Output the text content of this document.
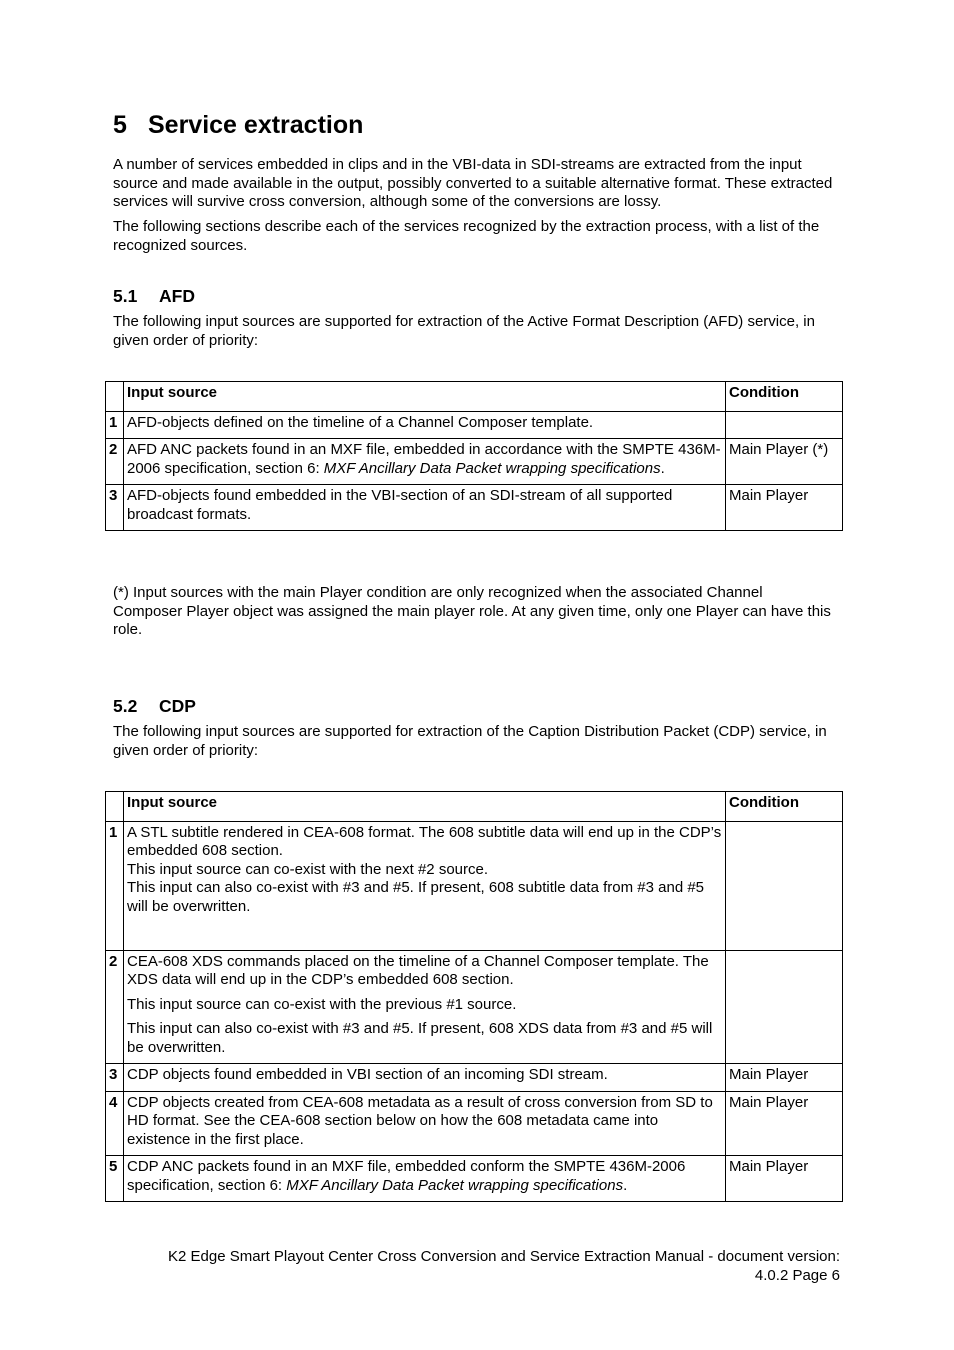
5 Service extraction

A number of services embedded in clips and in the VBI-data in SDI-streams are extracted from the input source and made available in the output, possibly converted to a suitable alternative format. These extracted services will survive cross conversion, although some of the conversions are lossy.

The following sections describe each of the services recognized by the extraction process, with a list of the recognized sources.

5.1 AFD

The following input sources are supported for extraction of the Active Format Description (AFD) service, in given order of priority:

	Input source	Condition
1	AFD-objects defined on the timeline of a Channel Composer template.	
2	AFD ANC packets found in an MXF file, embedded in accordance with the SMPTE 436M-2006 specification, section 6: MXF Ancillary Data Packet wrapping specifications.	Main Player (*)
3	AFD-objects found embedded in the VBI-section of an SDI-stream of all supported broadcast formats.	Main Player

(*) Input sources with the main Player condition are only recognized when the associated Channel Composer Player object was assigned the main player role. At any given time, only one Player can have this role.

5.2 CDP

The following input sources are supported for extraction of the Caption Distribution Packet (CDP) service, in given order of priority:

	Input source	Condition
1	A STL subtitle rendered in CEA-608 format. The 608 subtitle data will end up in the CDP’s embedded 608 section.
This input source can co-exist with the next #2 source.
This input can also co-exist with #3 and #5. If present, 608 subtitle data from #3 and #5 will be overwritten.	

2	CEA-608 XDS commands placed on the timeline of a Channel Composer template. The XDS data will end up in the CDP’s embedded 608 section.
This input source can co-exist with the previous #1 source.
This input can also co-exist with #3 and #5. If present, 608 XDS data from #3 and #5 will be overwritten.	

3	CDP objects found embedded in VBI section of an incoming SDI stream.	Main Player
4	CDP objects created from CEA-608 metadata as a result of cross conversion from SD to HD format. See the CEA-608 section below on how the 608 metadata came into existence in the first place.	Main Player
5	CDP ANC packets found in an MXF file, embedded conform the SMPTE 436M-2006 specification, section 6: MXF Ancillary Data Packet wrapping specifications.	Main Player
K2 Edge Smart Playout Center Cross Conversion and Service Extraction Manual - document version:
4.0.2 Page 6
